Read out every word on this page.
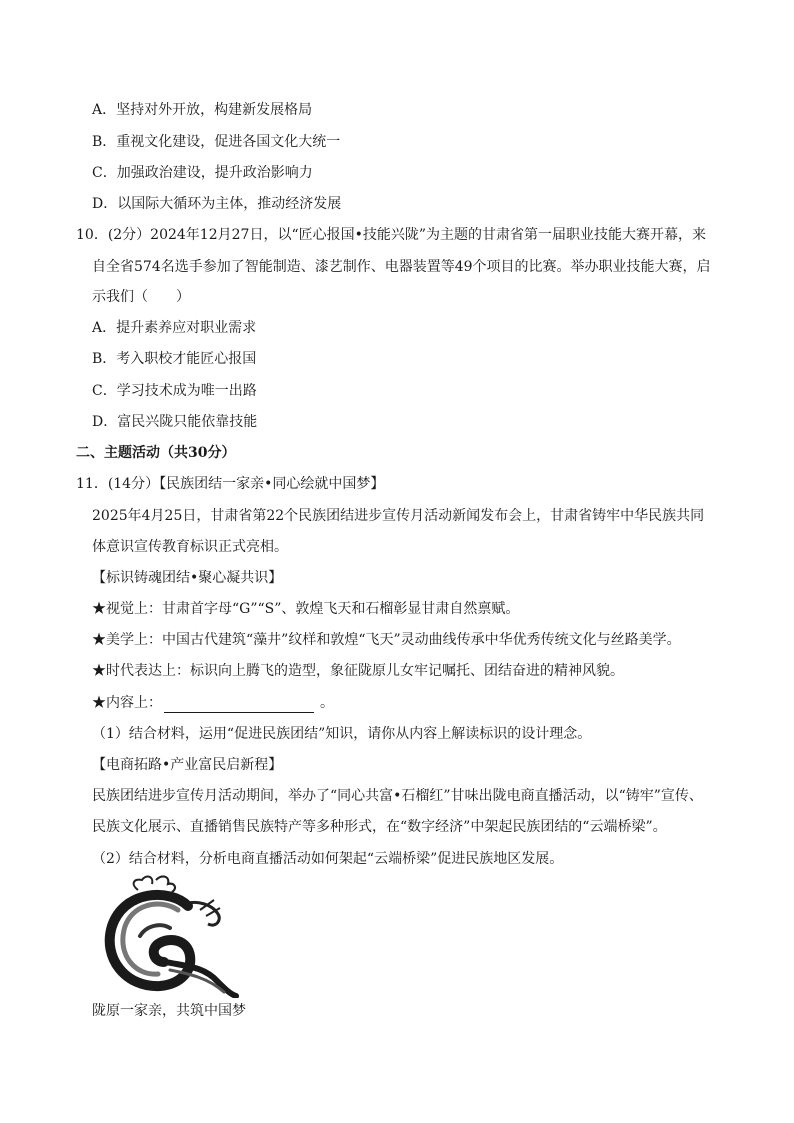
A．坚持对外开放，构建新发展格局
B．重视文化建设，促进各国文化大统一
C．加强政治建设，提升政治影响力
D．以国际大循环为主体，推动经济发展
10．(2分）2024年12月27日，以“匠心报国•技能兴陇”为主题的甘肃省第一届职业技能大赛开幕，来
自全省574名选手参加了智能制造、漆艺制作、电器装置等49个项目的比赛。举办职业技能大赛，启
示我们（　　）
A．提升素养应对职业需求
B．考入职校才能匠心报国
C．学习技术成为唯一出路
D．富民兴陇只能依靠技能
二、主题活动（共30分）
11．(14分）【民族团结一家亲•同心绘就中国梦】
2025年4月25日，甘肃省第22个民族团结进步宣传月活动新闻发布会上，甘肃省铸牢中华民族共同
体意识宣传教育标识正式亮相。
【标识铸魂团结•聚心凝共识】
★视觉上：甘肃首字母“G”“S”、敦煌飞天和石榴彰显甘肃自然禀赋。
★美学上：中国古代建筑“藻井”纹样和敦煌“飞天”灵动曲线传承中华优秀传统文化与丝路美学。
★时代表达上：标识向上腾飞的造型，象征陇原儿女牢记嘱托、团结奋进的精神风貌。
★内容上：	。
（1）结合材料，运用“促进民族团结”知识，请你从内容上解读标识的设计理念。
【电商拓路•产业富民启新程】
民族团结进步宣传月活动期间，举办了“同心共富•石榴红”甘味出陇电商直播活动，以“铸牢”宣传、
民族文化展示、直播销售民族特产等多种形式，在“数字经济”中架起民族团结的“云端桥梁”。
（2）结合材料，分析电商直播活动如何架起“云端桥梁”促进民族地区发展。
陇原一家亲，共筑中国梦
